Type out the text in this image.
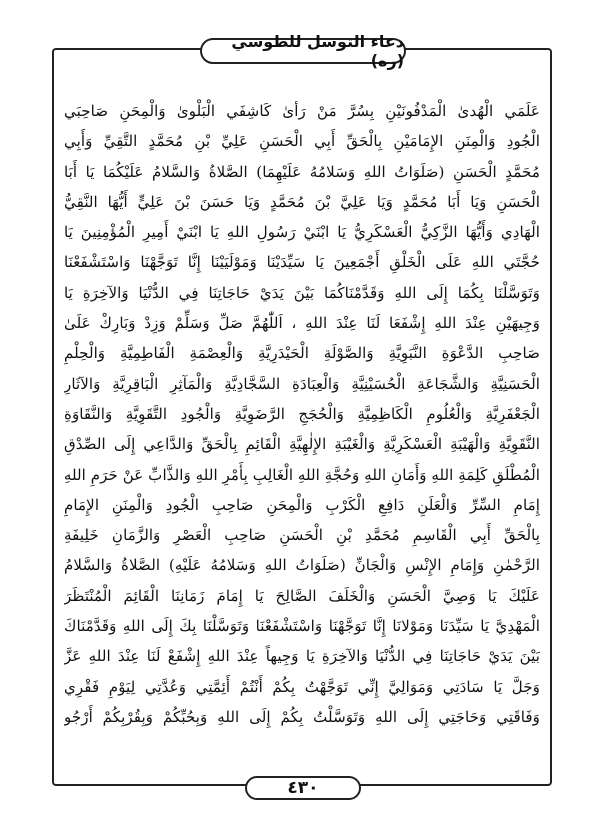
دعاء التوسل للطوسي (ره)
عَلَمَي الْهُدىٰ الْمَدْفُونَيْنِ بِسُرَّ مَنْ رَأىٰ كَاشِفَي الْبَلْوىٰ وَالْمِحَنِ صَاحِبَي
الْجُودِ وَالْمِنَنِ الإِمَامَيْنِ بِالْحَقِّ أَبِي الْحَسَنِ عَلِيِّ بْنِ مُحَمَّدٍ التَّقِيِّ وَأَبِي
مُحَمَّدٍ الْحَسَنِ (صَلَوَاتُ اللهِ وَسَلامُهُ عَلَيْهِمَا) الصَّلاةُ وَالسَّلامُ عَلَيْكُمَا يَا أَبَا
الْحَسَنِ وَيَا أَبَا مُحَمَّدٍ وَيَا عَلِيَّ بْنَ مُحَمَّدٍ وَيَا حَسَنَ بْنَ عَلِيٍّ أَيُّهَا النَّقِيُّ
الْهَادِي وَأَيُّهَا الزَّكِيُّ الْعَسْكَرِيُّ يَا ابْنَيْ رَسُولِ اللهِ يَا ابْنَيْ أَمِيرِ الْمُؤْمِنِينَ يَا
حُجَّتَي اللهِ عَلَى الْخَلْقِ أَجْمَعِينَ يَا سَيِّدَيْنَا وَمَوْلَيَيْنَا إِنَّا تَوَجَّهْنَا وَاسْتَشْفَعْنَا
وَتَوَسَّلْنَا بِكُمَا إِلَى اللهِ وَقَدَّمْنَاكُمَا بَيْنَ يَدَيْ حَاجَاتِنَا فِي الدُّنْيَا وَالآخِرَةِ يَا
وَجِيهَيْنِ عِنْدَ اللهِ إِشْفَعَا لَنَا عِنْدَ اللهِ ، اَللّٰهُمَّ صَلِّ وَسَلِّمْ وَزِدْ وَبَارِكْ عَلَىٰ
صَاحِبِ الدَّعْوَةِ النَّبَوِيَّةِ وَالصَّوْلَةِ الْحَيْدَرِيَّةِ وَالْعِصْمَةِ الْفَاطِمِيَّةِ وَالْحِلْمِ
الْحَسَنِيَّةِ وَالشَّجَاعَةِ الْحُسَيْنِيَّةِ وَالْعِبَادَةِ السَّجَّادِيَّةِ وَالْمَآثِرِ الْبَاقِرِيَّةِ وَالآثَارِ
الْجَعْفَرِيَّةِ وَالْعُلُومِ الْكَاظِمِيَّةِ وَالْحُجَجِ الرَّضَوِيَّةِ وَالْجُودِ التَّقَوِيَّةِ وَالنَّقَاوَةِ
النَّقَوِيَّةِ وَالْهَيْبَةِ الْعَسْكَرِيَّةِ وَالْغَيْبَةِ الإِلٰهِيَّةِ الْقَائِمِ بِالْحَقِّ وَالدَّاعِي إِلَى الصِّدْقِ
الْمُطْلَقِ كَلِمَةِ اللهِ وَأَمَانِ اللهِ وَحُجَّةِ اللهِ الْغَالِبِ بِأَمْرِ اللهِ وَالذَّابِّ عَنْ حَرَمِ اللهِ
إِمَامِ السِّرِّ وَالْعَلَنِ دَافِعِ الْكَرْبِ وَالْمِحَنِ صَاحِبِ الْجُودِ وَالْمِنَنِ الإِمَامِ
بِالْحَقِّ أَبِي الْقَاسِمِ مُحَمَّدِ بْنِ الْحَسَنِ صَاحِبِ الْعَصْرِ وَالزَّمَانِ خَلِيفَةِ
الرَّحْمٰنِ وَإِمَامِ الإِنْسِ وَالْجَانِّ (صَلَوَاتُ اللهِ وَسَلامُهُ عَلَيْهِ) الصَّلاةُ وَالسَّلامُ
عَلَيْكَ يَا وَصِيَّ الْحَسَنِ وَالْخَلَفَ الصَّالِحَ يَا إِمَامَ زَمَانِنَا الْقَائِمَ الْمُنْتَظَرَ
الْمَهْدِيَّ يَا سَيِّدَنَا وَمَوْلانَا إِنَّا تَوَجَّهْنَا وَاسْتَشْفَعْنَا وَتَوَسَّلْنَا بِكَ إِلَى اللهِ وَقَدَّمْنَاكَ
بَيْنَ يَدَيْ حَاجَاتِنَا فِي الدُّنْيَا وَالآخِرَةِ يَا وَجِيهاً عِنْدَ اللهِ إِشْفَعْ لَنَا عِنْدَ اللهِ عَزَّ
وَجَلَّ يَا سَادَتِي وَمَوَالِيَّ إِنِّي تَوَجَّهْتُ بِكُمْ أَنْتُمْ أَئِمَّتِي وَعُدَّتِي لِيَوْمِ فَقْرِي
وَفَاقَتِي وَحَاجَتِي إِلَى اللهِ وَتَوَسَّلْتُ بِكُمْ إِلَى اللهِ وَبِحُبِّكُمْ وَبِقُرْبِكُمْ أَرْجُو
٤٣٠
